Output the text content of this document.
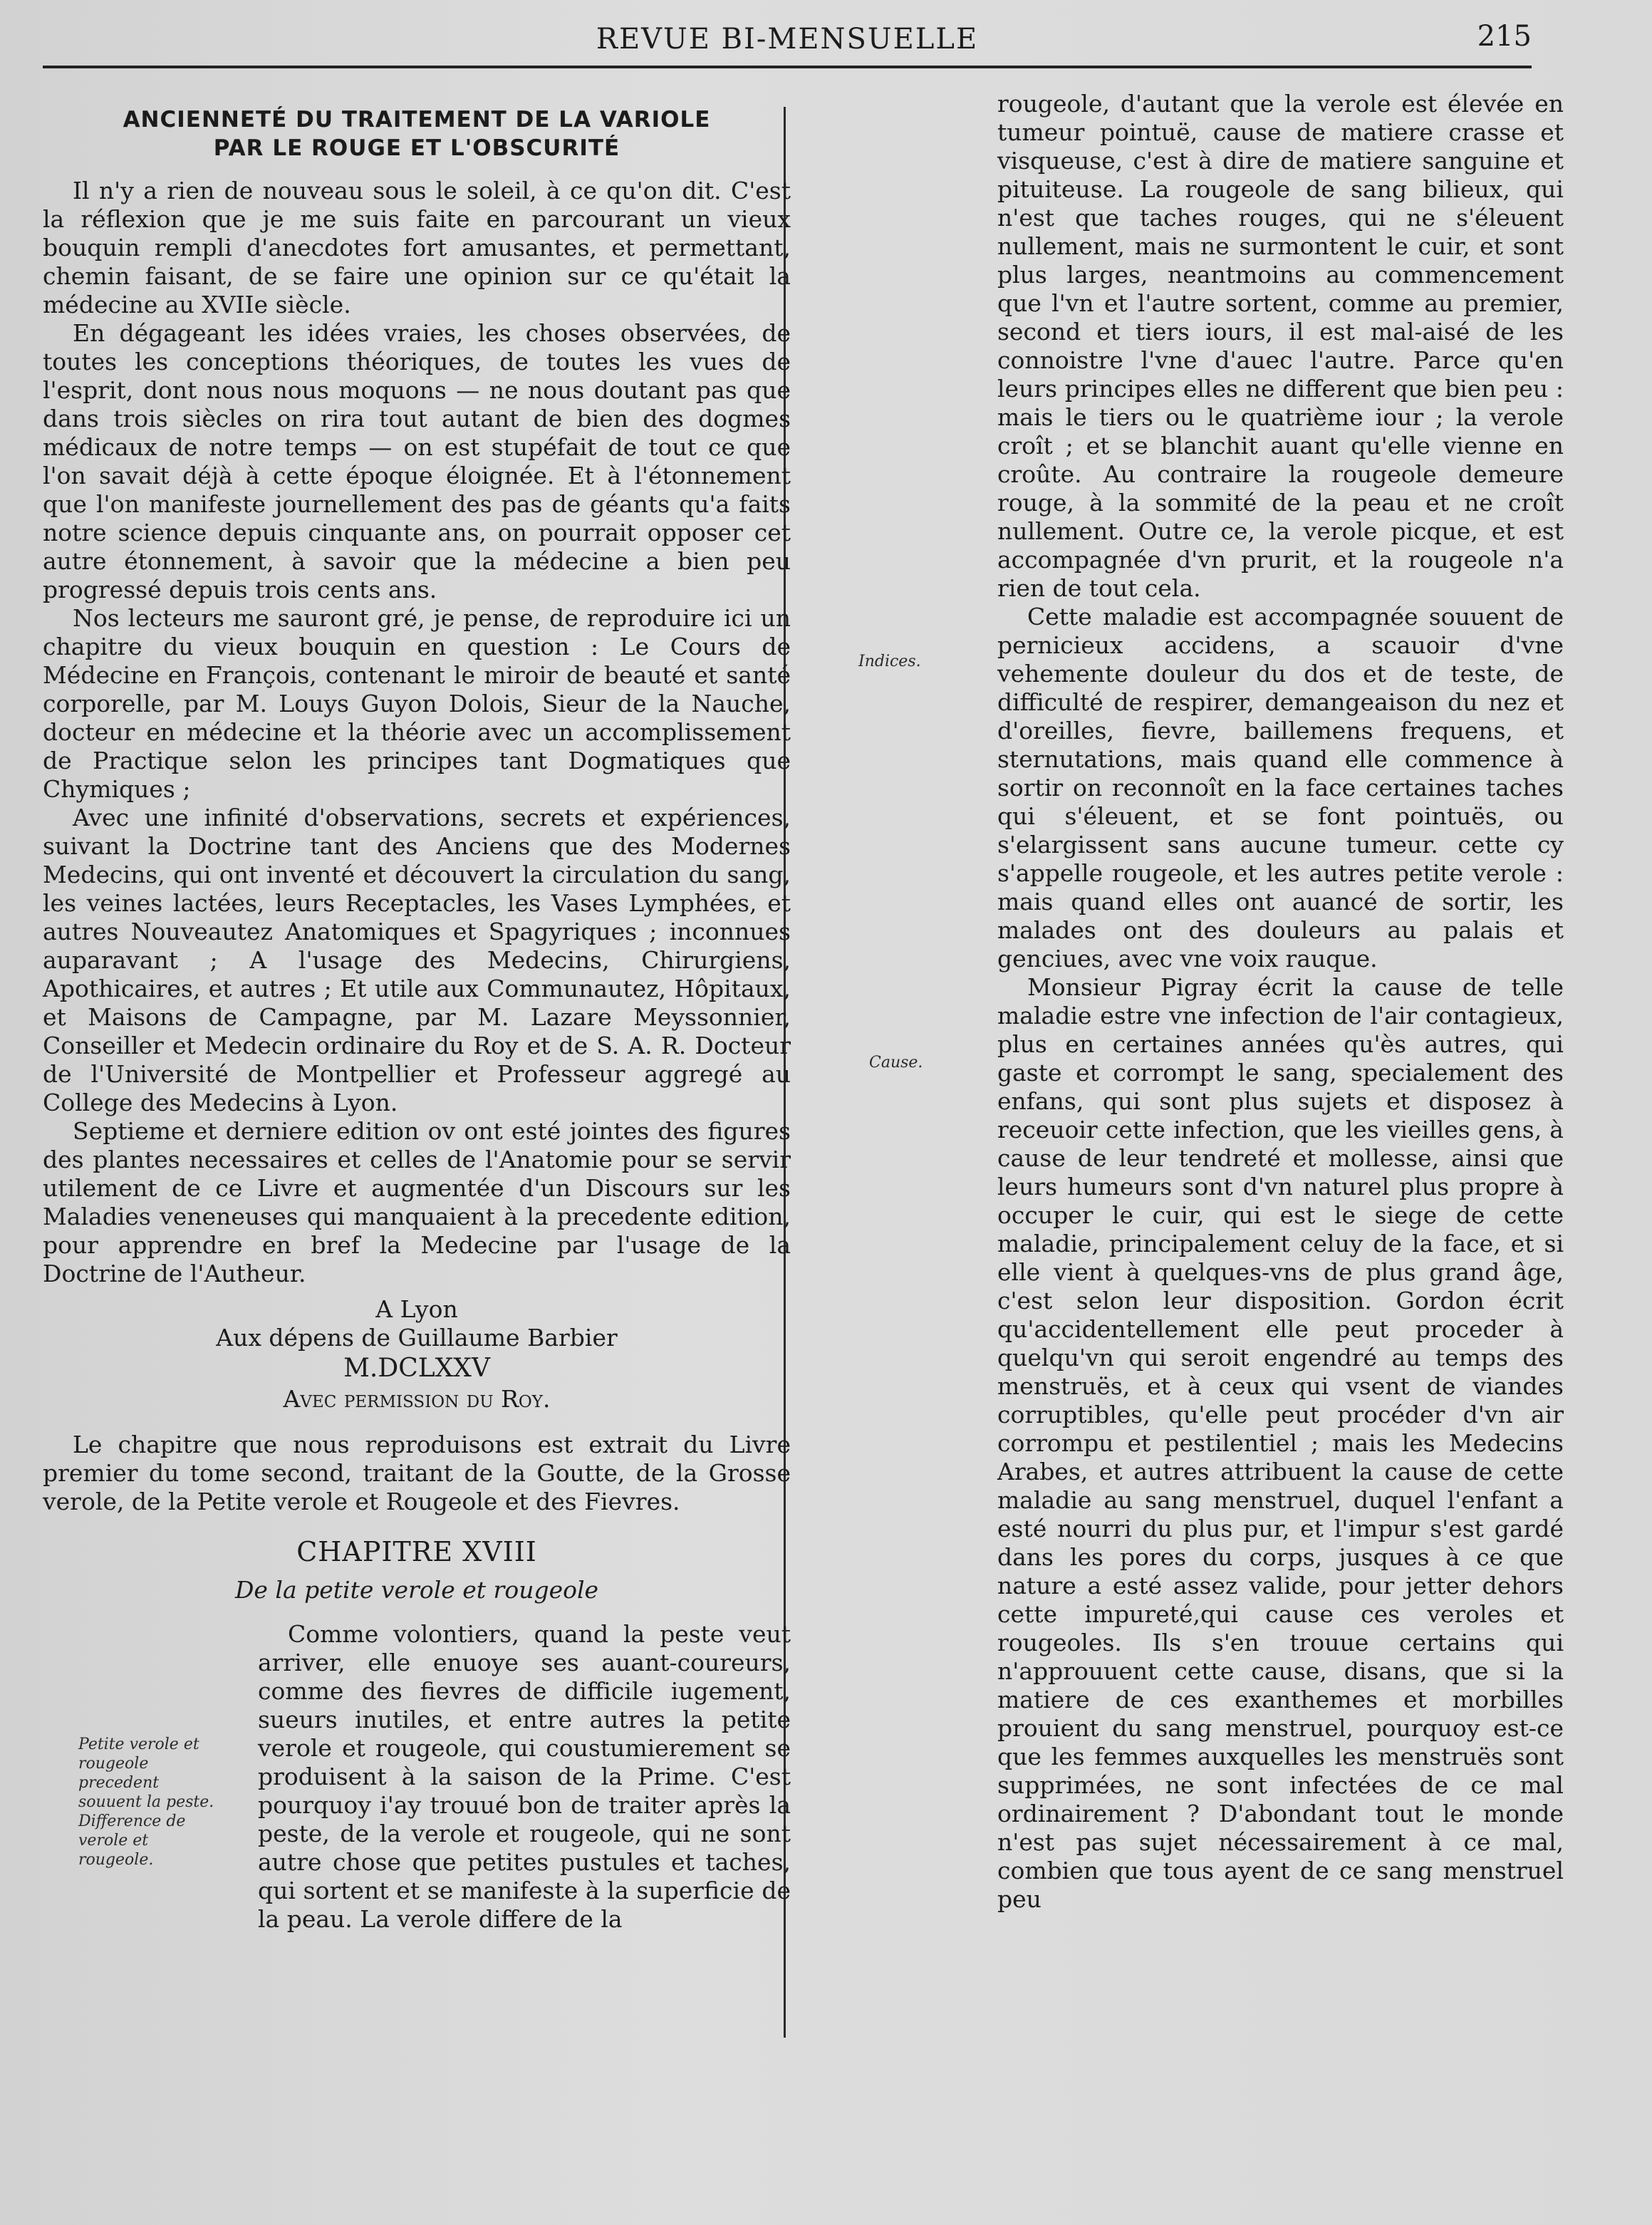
REVUE BI-MENSUELLE	215
ANCIENNETÉ DU TRAITEMENT DE LA VARIOLE
PAR LE ROUGE ET L'OBSCURITÉ

Il n'y a rien de nouveau sous le soleil, à ce qu'on dit. C'est la réflexion que je me suis faite en parcourant un vieux bouquin rempli d'anecdotes fort amusantes, et permettant, chemin faisant, de se faire une opinion sur ce qu'était la médecine au XVIIe siècle.

En dégageant les idées vraies, les choses observées, de toutes les conceptions théoriques, de toutes les vues de l'esprit, dont nous nous moquons — ne nous doutant pas que dans trois siècles on rira tout autant de bien des dogmes médicaux de notre temps — on est stupéfait de tout ce que l'on savait déjà à cette époque éloignée. Et à l'étonnement que l'on manifeste journellement des pas de géants qu'a faits notre science depuis cinquante ans, on pourrait opposer cet autre étonnement, à savoir que la médecine a bien peu progressé depuis trois cents ans.

Nos lecteurs me sauront gré, je pense, de reproduire ici un chapitre du vieux bouquin en question : Le Cours de Médecine en François, contenant le miroir de beauté et santé corporelle, par M. Louys Guyon Dolois, Sieur de la Nauche, docteur en médecine et la théorie avec un accomplissement de Practique selon les principes tant Dogmatiques que Chymiques ;

Avec une infinité d'observations, secrets et expériences, suivant la Doctrine tant des Anciens que des Modernes Medecins, qui ont inventé et découvert la circulation du sang, les veines lactées, leurs Receptacles, les Vases Lymphées, et autres Nouveautez Anatomiques et Spagyriques ; inconnues auparavant ; A l'usage des Medecins, Chirurgiens, Apothicaires, et autres ; Et utile aux Communautez, Hôpitaux, et Maisons de Campagne, par M. Lazare Meyssonnier, Conseiller et Medecin ordinaire du Roy et de S. A. R. Docteur de l'Université de Montpellier et Professeur aggregé au College des Medecins à Lyon.

Septieme et derniere edition ov ont esté jointes des figures des plantes necessaires et celles de l'Anatomie pour se servir utilement de ce Livre et augmentée d'un Discours sur les Maladies veneneuses qui manquaient à la precedente edition, pour apprendre en bref la Medecine par l'usage de la Doctrine de l'Autheur.

A Lyon
Aux dépens de Guillaume Barbier
M.DCLXXV
Avec permission du Roy.

Le chapitre que nous reproduisons est extrait du Livre premier du tome second, traitant de la Goutte, de la Grosse verole, de la Petite verole et Rougeole et des Fievres.

CHAPITRE XVIII
De la petite verole et rougeole

Comme volontiers, quand la peste veut arriver, elle enuoye ses auant-coureurs, comme des fievres de difficile iugement, sueurs inutiles, et entre autres la petite verole et rougeole, qui coustumierement se produisent à la saison de la Prime. C'est pourquoy i'ay trouué bon de traiter après la peste, de la verole et rougeole, qui ne sont autre chose que petites pustules et taches, qui sortent et se manifeste à la superficie de la peau. La verole differe de la

Petite verole et rougeole precedent souuent la peste. Difference de verole et rougeole.

rougeole, d'autant que la verole est élevée en tumeur pointuë, cause de matiere crasse et visqueuse, c'est à dire de matiere sanguine et pituiteuse. La rougeole de sang bilieux, qui n'est que taches rouges, qui ne s'éleuent nullement, mais ne surmontent le cuir, et sont plus larges, neantmoins au commencement que l'vn et l'autre sortent, comme au premier, second et tiers iours, il est mal-aisé de les connoistre l'vne d'auec l'autre. Parce qu'en leurs principes elles ne different que bien peu : mais le tiers ou le quatrième iour ; la verole croît ; et se blanchit auant qu'elle vienne en croûte. Au contraire la rougeole demeure rouge, à la sommité de la peau et ne croît nullement. Outre ce, la verole picque, et est accompagnée d'vn prurit, et la rougeole n'a rien de tout cela.

Cette maladie est accompagnée souuent de pernicieux accidens, a scauoir d'vne vehemente douleur du dos et de teste, de difficulté de respirer, demangeaison du nez et d'oreilles, fievre, baillemens frequens, et sternutations, mais quand elle commence à sortir on reconnoît en la face certaines taches qui s'éleuent, et se font pointuës, ou s'elargissent sans aucune tumeur. cette cy s'appelle rougeole, et les autres petite verole : mais quand elles ont auancé de sortir, les malades ont des douleurs au palais et genciues, avec vne voix rauque.

Monsieur Pigray écrit la cause de telle maladie estre vne infection de l'air contagieux, plus en certaines années qu'ès autres, qui gaste et corrompt le sang, specialement des enfans, qui sont plus sujets et disposez à receuoir cette infection, que les vieilles gens, à cause de leur tendreté et mollesse, ainsi que leurs humeurs sont d'vn naturel plus propre à occuper le cuir, qui est le siege de cette maladie, principalement celuy de la face, et si elle vient à quelques-vns de plus grand âge, c'est selon leur disposition. Gordon écrit qu'accidentellement elle peut proceder à quelqu'vn qui seroit engendré au temps des menstruës, et à ceux qui vsent de viandes corruptibles, qu'elle peut procéder d'vn air corrompu et pestilentiel ; mais les Medecins Arabes, et autres attribuent la cause de cette maladie au sang menstruel, duquel l'enfant a esté nourri du plus pur, et l'impur s'est gardé dans les pores du corps, jusques à ce que nature a esté assez valide, pour jetter dehors cette impureté,qui cause ces veroles et rougeoles. Ils s'en trouue certains qui n'approuuent cette cause, disans, que si la matiere de ces exanthemes et morbilles prouient du sang menstruel, pourquoy est-ce que les femmes auxquelles les menstruës sont supprimées, ne sont infectées de ce mal ordinairement ? D'abondant tout le monde n'est pas sujet nécessairement à ce mal, combien que tous ayent de ce sang menstruel peu

Indices.
Cause.
